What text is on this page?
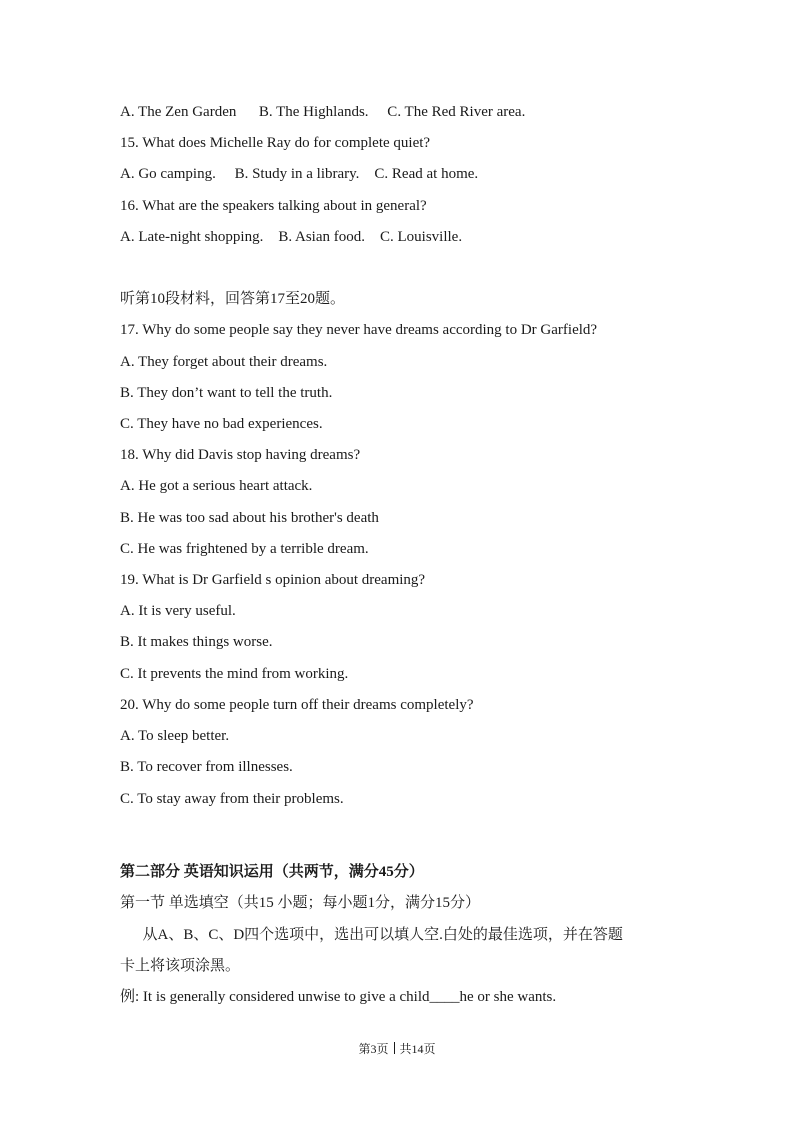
A. The Zen Garden      B. The Highlands.     C. The Red River area.
15. What does Michelle Ray do for complete quiet?
A. Go camping.     B. Study in a library.    C. Read at home.
16. What are the speakers talking about in general?
A. Late-night shopping.    B. Asian food.    C. Louisville.
听第10段材料，回答第17至20题。
17. Why do some people say they never have dreams according to Dr Garfield?
A. They forget about their dreams.
B. They don’t want to tell the truth.
C. They have no bad experiences.
18. Why did Davis stop having dreams?
A. He got a serious heart attack.
B. He was too sad about his brother's death
C. He was frightened by a terrible dream.
19. What is Dr Garfield s opinion about dreaming?
A. It is very useful.
B. It makes things worse.
C. It prevents the mind from working.
20. Why do some people turn off their dreams completely?
A. To sleep better.
B. To recover from illnesses.
C. To stay away from their problems.
第二部分 英语知识运用（共两节，满分45分）
第一节 单选填空（共15 小题；每小题1分，满分15分）
从A、B、C、D四个选项中，选出可以填人空.白处的最佳选项，并在答题
卡上将该项涂黑。
例: It is generally considered unwise to give a child____he or she wants.
第3页 共14页
